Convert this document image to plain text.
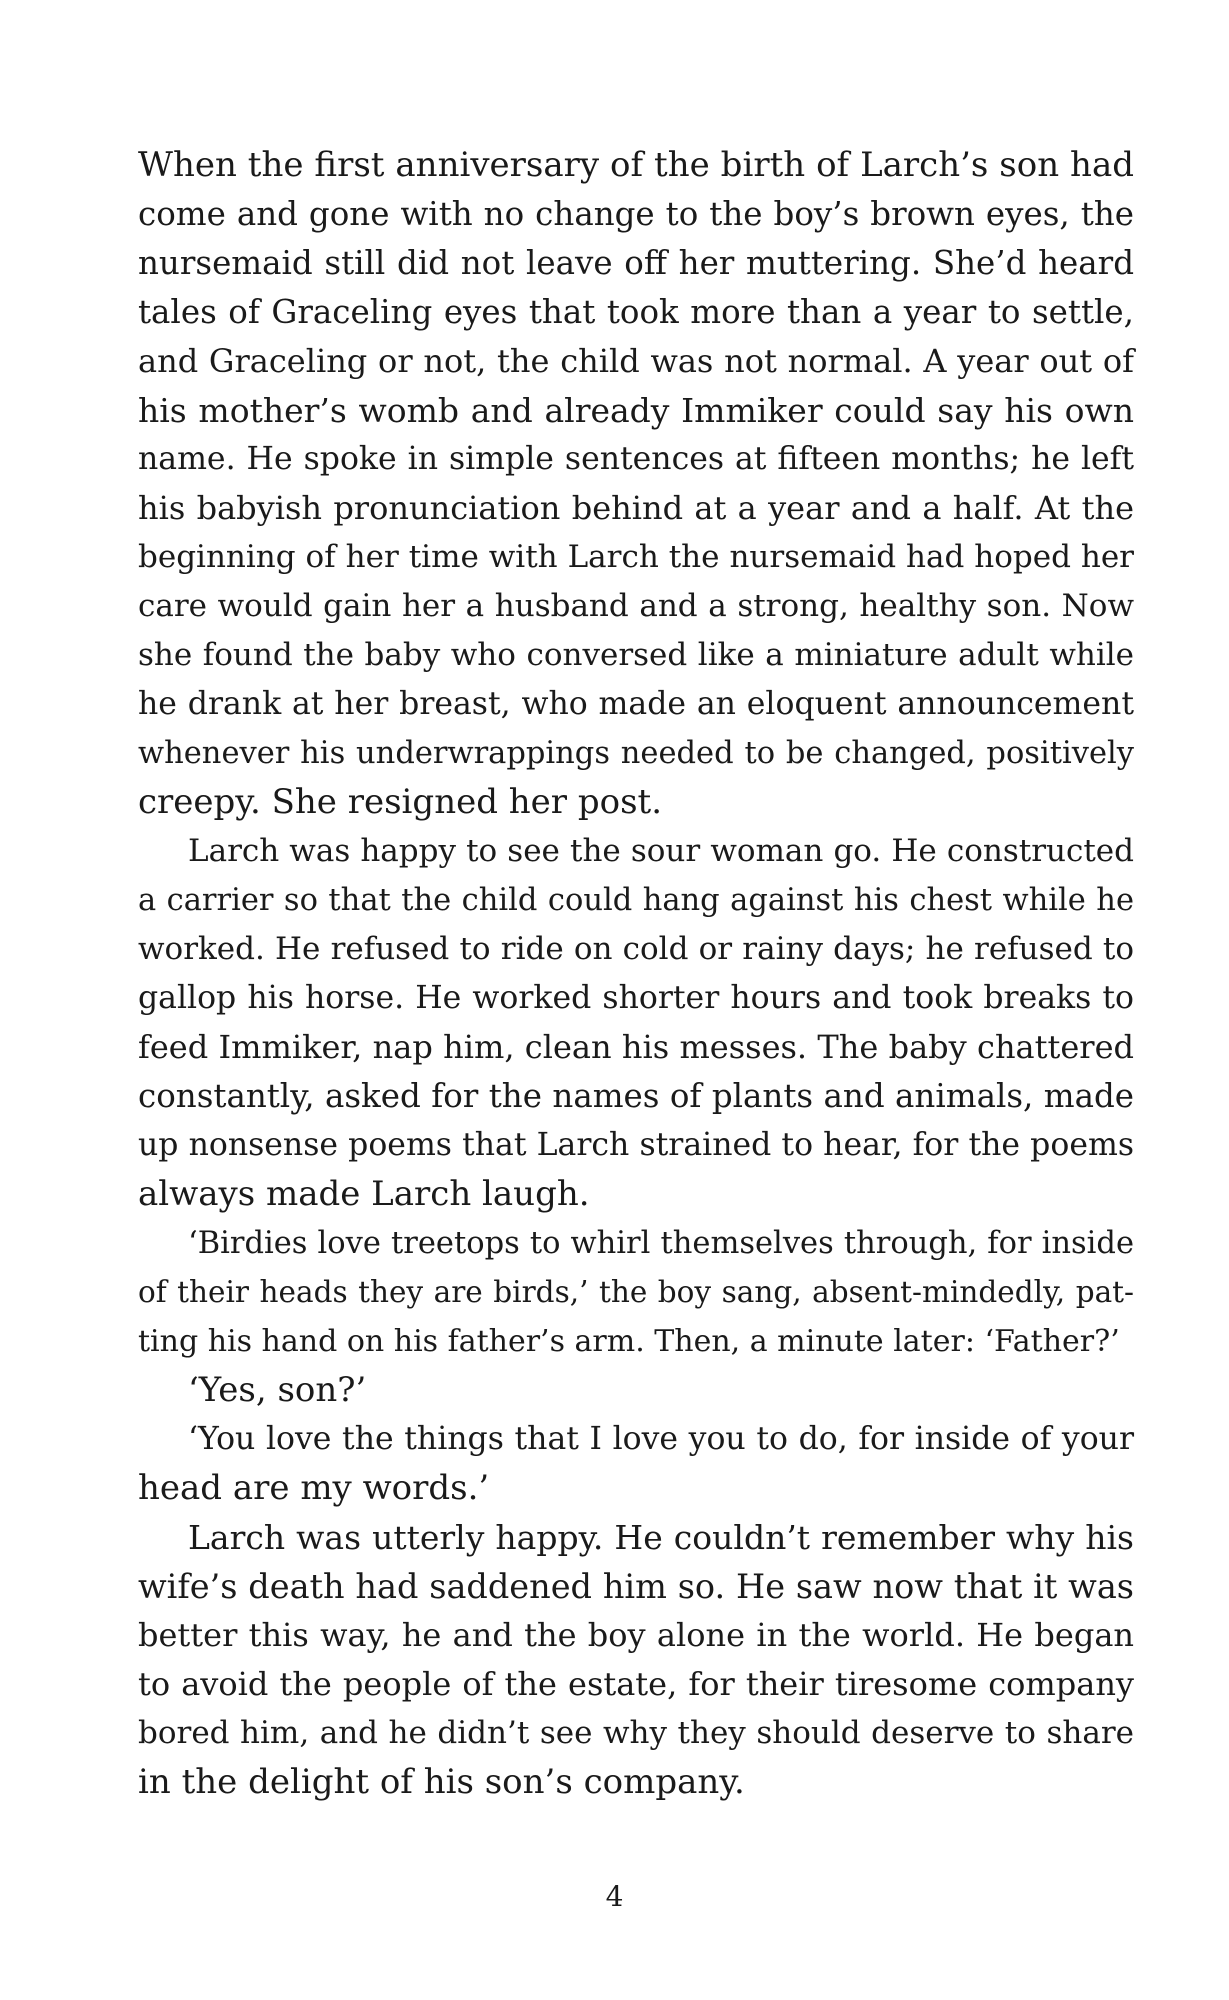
When the first anniversary of the birth of Larch’s son had
come and gone with no change to the boy’s brown eyes, the
nursemaid still did not leave off her muttering. She’d heard
tales of Graceling eyes that took more than a year to settle,
and Graceling or not, the child was not normal. A year out of
his mother’s womb and already Immiker could say his own
name. He spoke in simple sentences at fifteen months; he left
his babyish pronunciation behind at a year and a half. At the
beginning of her time with Larch the nursemaid had hoped her
care would gain her a husband and a strong, healthy son. Now
she found the baby who conversed like a miniature adult while
he drank at her breast, who made an eloquent announcement
whenever his underwrappings needed to be changed, positively
creepy. She resigned her post.
Larch was happy to see the sour woman go. He constructed
a carrier so that the child could hang against his chest while he
worked. He refused to ride on cold or rainy days; he refused to
gallop his horse. He worked shorter hours and took breaks to
feed Immiker, nap him, clean his messes. The baby chattered
constantly, asked for the names of plants and animals, made
up nonsense poems that Larch strained to hear, for the poems
always made Larch laugh.
‘Birdies love treetops to whirl themselves through, for inside
of their heads they are birds,’ the boy sang, absent-mindedly, pat-
ting his hand on his father’s arm. Then, a minute later: ‘Father?’
‘Yes, son?’
‘You love the things that I love you to do, for inside of your
head are my words.’
Larch was utterly happy. He couldn’t remember why his
wife’s death had saddened him so. He saw now that it was
better this way, he and the boy alone in the world. He began
to avoid the people of the estate, for their tiresome company
bored him, and he didn’t see why they should deserve to share
in the delight of his son’s company.
4
